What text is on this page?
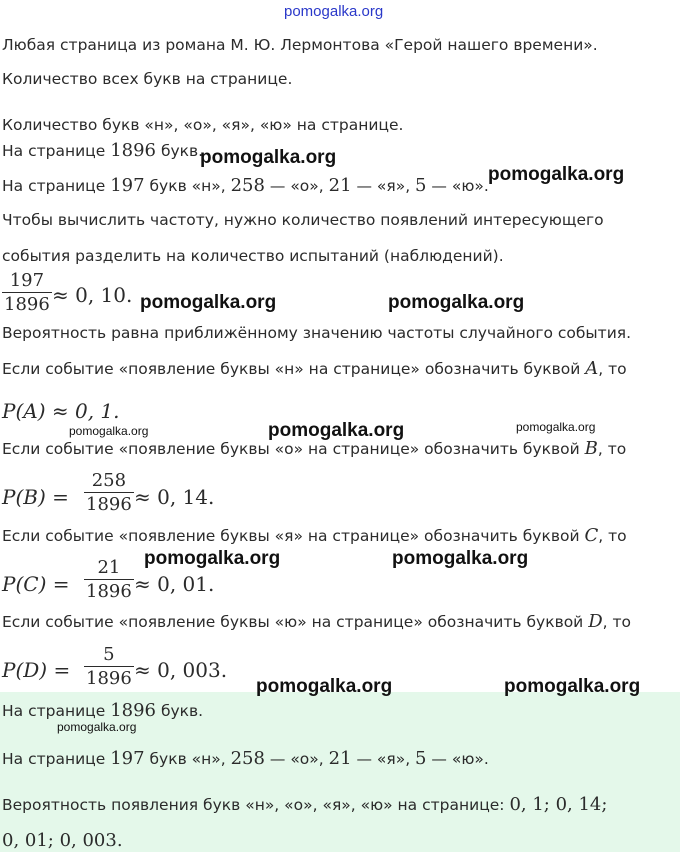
pomogalka.org
Любая страница из романа М. Ю. Лермонтова «Герой нашего времени».
Количество всех букв на странице.
Количество букв «н», «о», «я», «ю» на странице.
На странице 1896 букв.
На странице 197 букв «н», 258 — «о», 21 — «я», 5 — «ю».
Чтобы вычислить частоту, нужно количество появлений интересующего
события разделить на количество испытаний (наблюдений).
197
1896 ≈ 0, 10.
Вероятность равна приближённому значению частоты случайного события.
Если событие «появление буквы «н» на странице» обозначить буквой A, то
P(A) ≈ 0, 1.
Если событие «появление буквы «о» на странице» обозначить буквой B, то
P(B) =
258
1896 ≈ 0, 14.
Если событие «появление буквы «я» на странице» обозначить буквой C, то
P(C) =
21
1896 ≈ 0, 01.
Если событие «появление буквы «ю» на странице» обозначить буквой D, то
P(D) =
5
1896 ≈ 0, 003.
На странице 1896 букв.
На странице 197 букв «н», 258 — «о», 21 — «я», 5 — «ю».
Вероятность появления букв «н», «о», «я», «ю» на странице: 0, 1; 0, 14;
0, 01; 0, 003.
pomogalka.org
pomogalka.org
pomogalka.org	pomogalka.org
pomogalka.org	pomogalka.org	pomogalka.org
pomogalka.org	pomogalka.org
pomogalka.org	pomogalka.org
pomogalka.org
